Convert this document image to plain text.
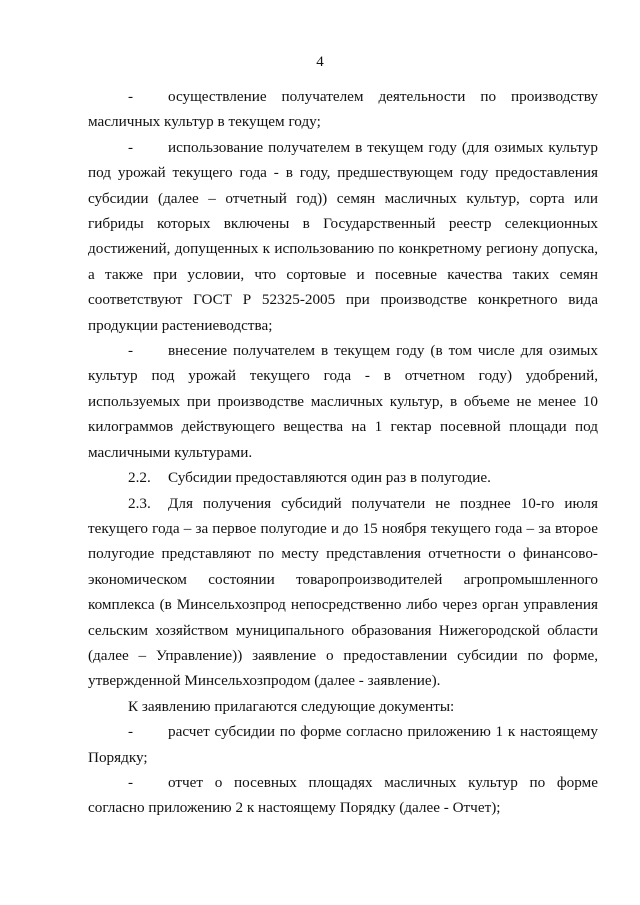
4

- осуществление получателем деятельности по производству масличных культур в текущем году;

- использование получателем в текущем году (для озимых культур под урожай текущего года - в году, предшествующем году предоставления субсидии (далее – отчетный год)) семян масличных культур, сорта или гибриды которых включены в Государственный реестр селекционных достижений, допущенных к использованию по конкретному региону допуска, а также при условии, что сортовые и посевные качества таких семян соответствуют ГОСТ Р 52325-2005 при производстве конкретного вида продукции растениеводства;

- внесение получателем в текущем году (в том числе для озимых культур под урожай текущего года - в отчетном году) удобрений, используемых при производстве масличных культур, в объеме не менее 10 килограммов действующего вещества на 1 гектар посевной площади под масличными культурами.

2.2. Субсидии предоставляются один раз в полугодие.

2.3. Для получения субсидий получатели не позднее 10-го июля текущего года – за первое полугодие и до 15 ноября текущего года – за второе полугодие представляют по месту представления отчетности о финансово-экономическом состоянии товаропроизводителей агропромышленного комплекса (в Минсельхозпрод непосредственно либо через орган управления сельским хозяйством муниципального образования Нижегородской области (далее – Управление)) заявление о предоставлении субсидии по форме, утвержденной Минсельхозпродом (далее - заявление).

К заявлению прилагаются следующие документы:

- расчет субсидии по форме согласно приложению 1 к настоящему Порядку;

- отчет о посевных площадях масличных культур по форме согласно приложению 2 к настоящему Порядку (далее - Отчет);
